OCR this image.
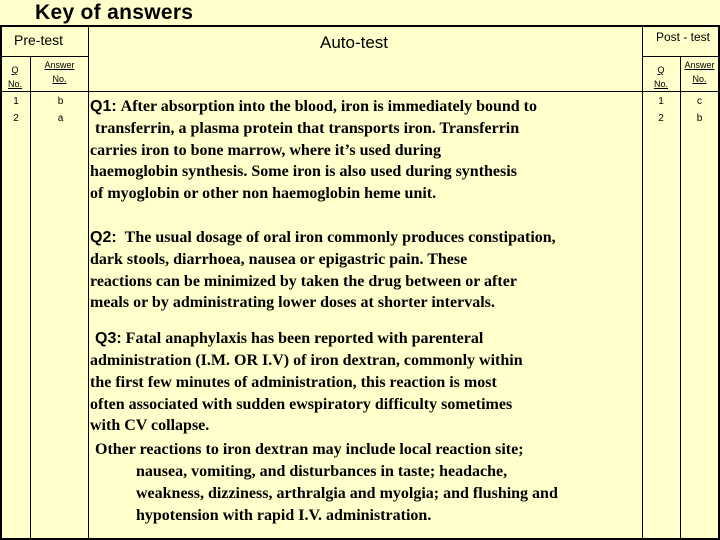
Key of answers
Pre-test	Auto-test	Post - test
Q
No.
Answer
No.
1
2
b
a
Q
No.
Answer
No.
1
2
c
b
Q1: After absorption into the blood, iron is immediately bound to
transferrin, a plasma protein that transports iron. Transferrin
carries iron to bone marrow, where it’s used during
haemoglobin synthesis. Some iron is also used during synthesis
of myoglobin or other non haemoglobin heme unit.
Q2: The usual dosage of oral iron commonly produces constipation,
dark stools, diarrhoea, nausea or epigastric pain. These
reactions can be minimized by taken the drug between or after
meals or by administrating lower doses at shorter intervals.
Q3: Fatal anaphylaxis has been reported with parenteral
administration (I.M. OR I.V) of iron dextran, commonly within
the first few minutes of administration, this reaction is most
often associated with sudden ewspiratory difficulty sometimes
with CV collapse.
Other reactions to iron dextran may include local reaction site;
nausea, vomiting, and disturbances in taste; headache,
weakness, dizziness, arthralgia and myolgia; and flushing and
hypotension with rapid I.V. administration.
